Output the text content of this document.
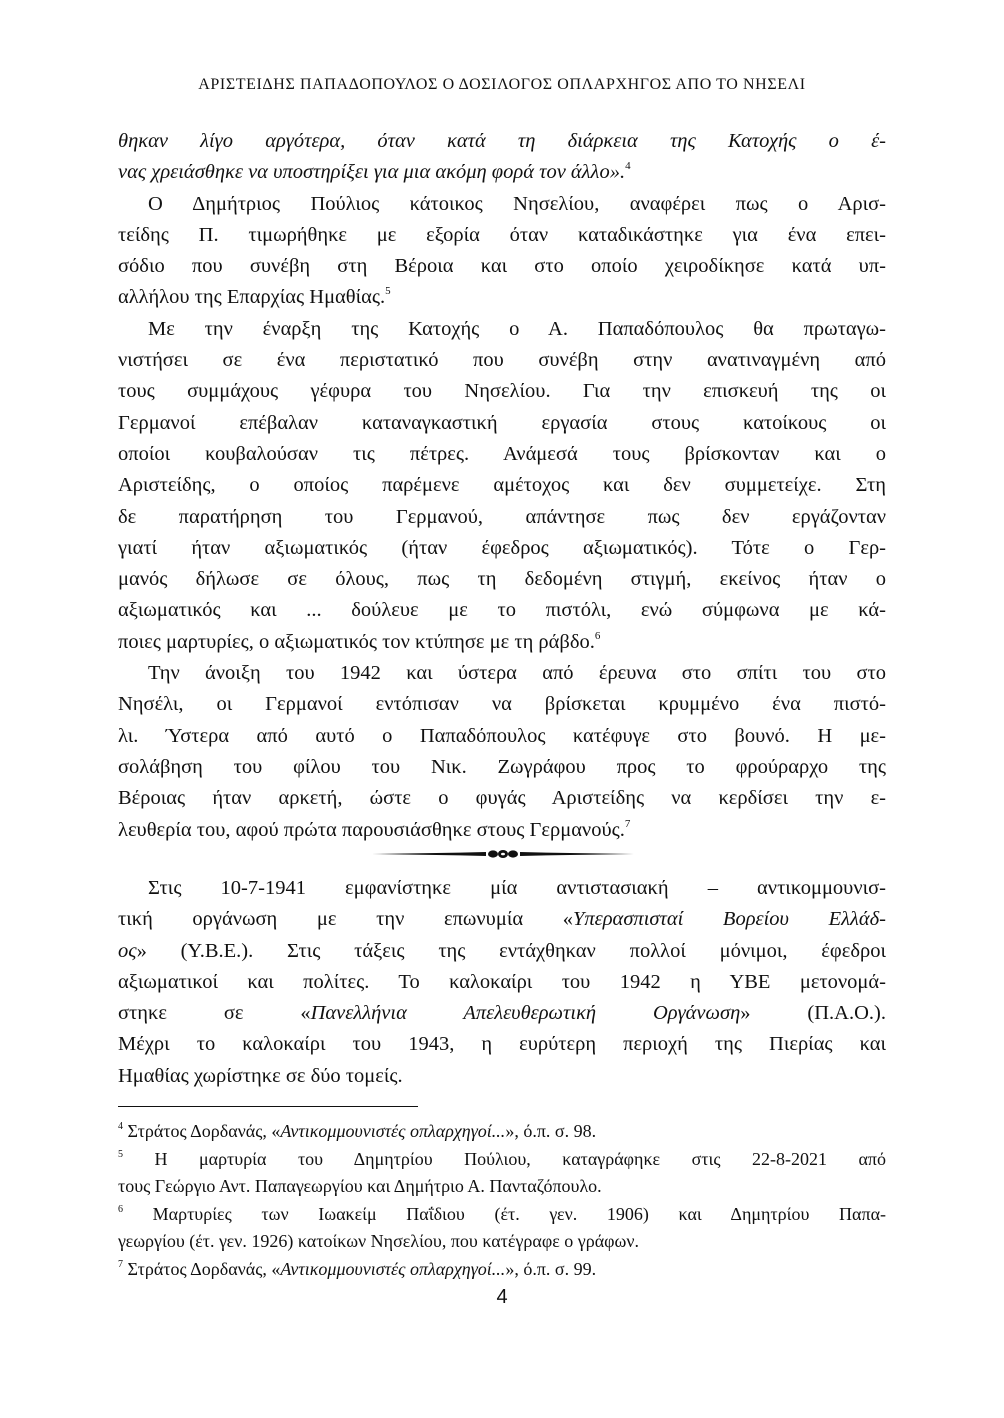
ΑΡΙΣΤΕΙΔΗΣ ΠΑΠΑΔΟΠΟΥΛΟΣ Ο ΔΟΣΙΛΟΓΟΣ ΟΠΛΑΡΧΗΓΟΣ ΑΠΟ ΤΟ ΝΗΣΕΛΙ
θηκαν λίγο αργότερα, όταν κατά τη διάρκεια της Κατοχής ο έ-
νας χρειάσθηκε να υποστηρίξει για μια ακόμη φορά τον άλλο».$^4$
Ο Δημήτριος Πούλιος κάτοικος Νησελίου, αναφέρει πως ο Αρισ-
τείδης Π. τιμωρήθηκε με εξορία όταν καταδικάστηκε για ένα επει-
σόδιο που συνέβη στη Βέροια και στο οποίο χειροδίκησε κατά υπ-
αλλήλου της Επαρχίας Ημαθίας.$^5$
Με την έναρξη της Κατοχής ο Α. Παπαδόπουλος θα πρωταγω-
νιστήσει σε ένα περιστατικό που συνέβη στην ανατιναγμένη από
τους συμμάχους γέφυρα του Νησελίου. Για την επισκευή της οι
Γερμανοί επέβαλαν καταναγκαστική εργασία στους κατοίκους οι
οποίοι κουβαλούσαν τις πέτρες. Ανάμεσά τους βρίσκονταν και ο
Αριστείδης, ο οποίος παρέμενε αμέτοχος και δεν συμμετείχε. Στη
δε παρατήρηση του Γερμανού, απάντησε πως δεν εργάζονταν
γιατί ήταν αξιωματικός (ήταν έφεδρος αξιωματικός). Τότε ο Γερ-
μανός δήλωσε σε όλους, πως τη δεδομένη στιγμή, εκείνος ήταν ο
αξιωματικός και ... δούλευε με το πιστόλι, ενώ σύμφωνα με κά-
ποιες μαρτυρίες, ο αξιωματικός τον κτύπησε με τη ράβδο.$^6$
Την άνοιξη του 1942 και ύστερα από έρευνα στο σπίτι του στο
Νησέλι, οι Γερμανοί εντόπισαν να βρίσκεται κρυμμένο ένα πιστό-
λι. Ύστερα από αυτό ο Παπαδόπουλος κατέφυγε στο βουνό. Η με-
σολάβηση του φίλου του Νικ. Ζωγράφου προς το φρούραρχο της
Βέροιας ήταν αρκετή, ώστε ο φυγάς Αριστείδης να κερδίσει την ε-
λευθερία του, αφού πρώτα παρουσιάσθηκε στους Γερμανούς.$^7$
Στις 10-7-1941 εμφανίστηκε μία αντιστασιακή – αντικομμουνισ-
τική οργάνωση με την επωνυμία «Υπερασπισταί Βορείου Ελλάδ-
ος» (Υ.Β.Ε.). Στις τάξεις της εντάχθηκαν πολλοί μόνιμοι, έφεδροι
αξιωματικοί και πολίτες. Το καλοκαίρι του 1942 η ΥΒΕ μετονομά-
στηκε σε «Πανελλήνια Απελευθερωτική Οργάνωση» (Π.Α.Ο.).
Μέχρι το καλοκαίρι του 1943, η ευρύτερη περιοχή της Πιερίας και
Ημαθίας χωρίστηκε σε δύο τομείς.
$^4$ Στράτος Δορδανάς, «Αντικομμουνιστές οπλαρχηγοί...», ό.π. σ. 98.
$^5$ Η μαρτυρία του Δημητρίου Πούλιου, καταγράφηκε στις 22-8-2021 από
τους Γεώργιο Αντ. Παπαγεωργίου και Δημήτριο Α. Πανταζόπουλο.
$^6$ Μαρτυρίες των Ιωακείμ Παΐδιου (έτ. γεν. 1906) και Δημητρίου Παπα-
γεωργίου (έτ. γεν. 1926) κατοίκων Νησελίου, που κατέγραφε ο γράφων.
$^7$ Στράτος Δορδανάς, «Αντικομμουνιστές οπλαρχηγοί...», ό.π. σ. 99.
4
